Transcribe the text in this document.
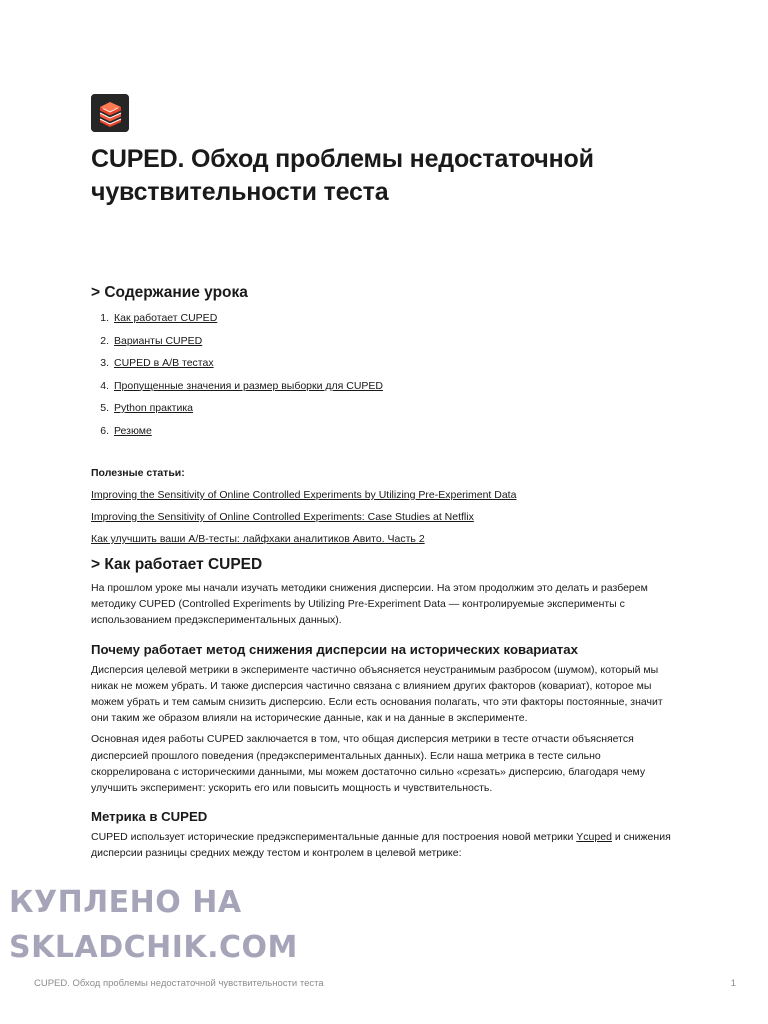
CUPED. Обход проблемы недостаточной
чувствительности теста
> Содержание урока
1. Как работает CUPED
2. Варианты CUPED
3. CUPED в A/B тестах
4. Пропущенные значения и размер выборки для CUPED
5. Python практика
6. Резюме

Полезные статьи:

Improving the Sensitivity of Online Controlled Experiments by Utilizing Pre-Experiment Data
Improving the Sensitivity of Online Controlled Experiments: Case Studies at Netflix
Как улучшить ваши A/B-тесты: лайфхаки аналитиков Авито. Часть 2
> Как работает CUPED

На прошлом уроке мы начали изучать методики снижения дисперсии. На этом продолжим это делать и разберем методику CUPED (Controlled Experiments by Utilizing Pre-Experiment Data — контролируемые эксперименты с использованием предэкспериментальных данных).

Почему работает метод снижения дисперсии на исторических ковариатах

Дисперсия целевой метрики в эксперименте частично объясняется неустранимым разбросом (шумом), который мы никак не можем убрать. И также дисперсия частично связана с влиянием других факторов (ковариат), которое мы можем убрать и тем самым снизить дисперсию. Если есть основания полагать, что эти факторы постоянные, значит они таким же образом влияли на исторические данные, как и на данные в эксперименте.

Основная идея работы CUPED заключается в том, что общая дисперсия метрики в тесте отчасти объясняется дисперсией прошлого поведения (предэкспериментальных данных). Если наша метрика в тесте сильно скоррелирована с историческими данными, мы можем достаточно сильно «срезать» дисперсию, благодаря чему улучшить эксперимент: ускорить его или повысить мощность и чувствительность.

Метрика в CUPED

CUPED использует исторические предэкспериментальные данные для построения новой метрики Ycuped и снижения дисперсии разницы средних между тестом и контролем в целевой метрике:

КУПЛЕНО НА
SKLADCHIK.COM
CUPED. Обход проблемы недостаточной чувствительности теста	1
